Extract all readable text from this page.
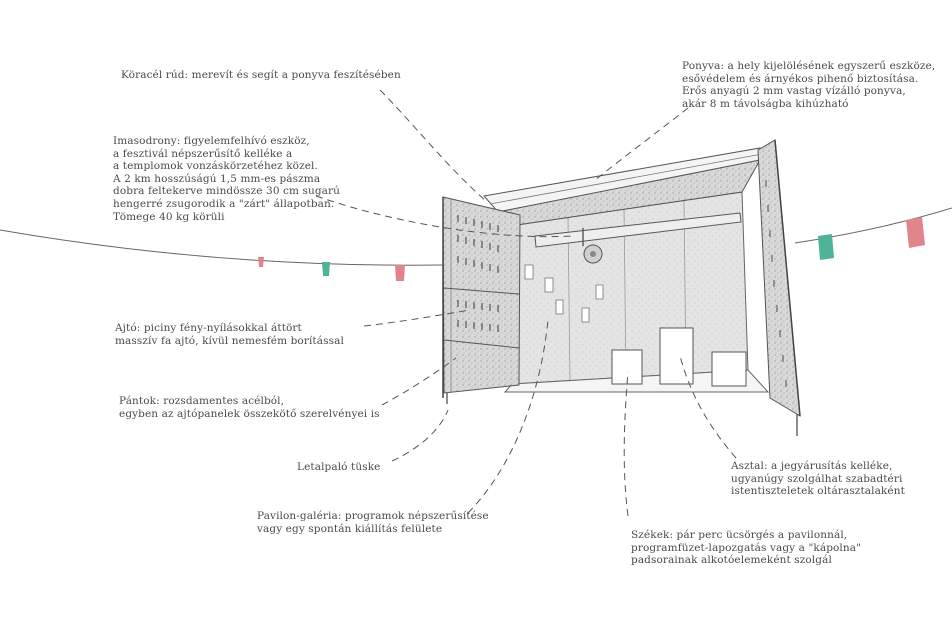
Köracél rúd: merevít és segít a ponyva feszítésében
Ponyva: a hely kijelölésének egyszerű eszköze,
esővédelem és árnyékos pihenő biztosítása.
Erős anyagú 2 mm vastag vízálló ponyva,
akár 8 m távolságba kihúzható
Imasodrony: figyelemfelhívó eszköz,
a fesztivál népszerűsítő kelléke a
a templomok vonzáskörzetéhez közel.
A 2 km hosszúságú 1,5 mm-es pászma
dobra feltekerve mindössze 30 cm sugarú
hengerré zsugorodik a "zárt" állapotban.
Tömege 40 kg körüli
Ajtó: piciny fény-nyílásokkal áttört
masszív fa ajtó, kívül nemesfém borítással
Pántok: rozsdamentes acélból,
egyben az ajtópanelek összekötő szerelvényei is
Letalpaló tüske
Pavilon-galéria: programok népszerűsítése
vagy egy spontán kiállítás felülete
Asztal: a jegyárusítás kelléke,
ugyanúgy szolgálhat szabadtéri
istentiszteletek oltárasztalaként
Székek: pár perc ücsörgés a pavilonnál,
programfüzet-lapozgatás vagy a "kápolna"
padsorainak alkotóelemeként szolgál
